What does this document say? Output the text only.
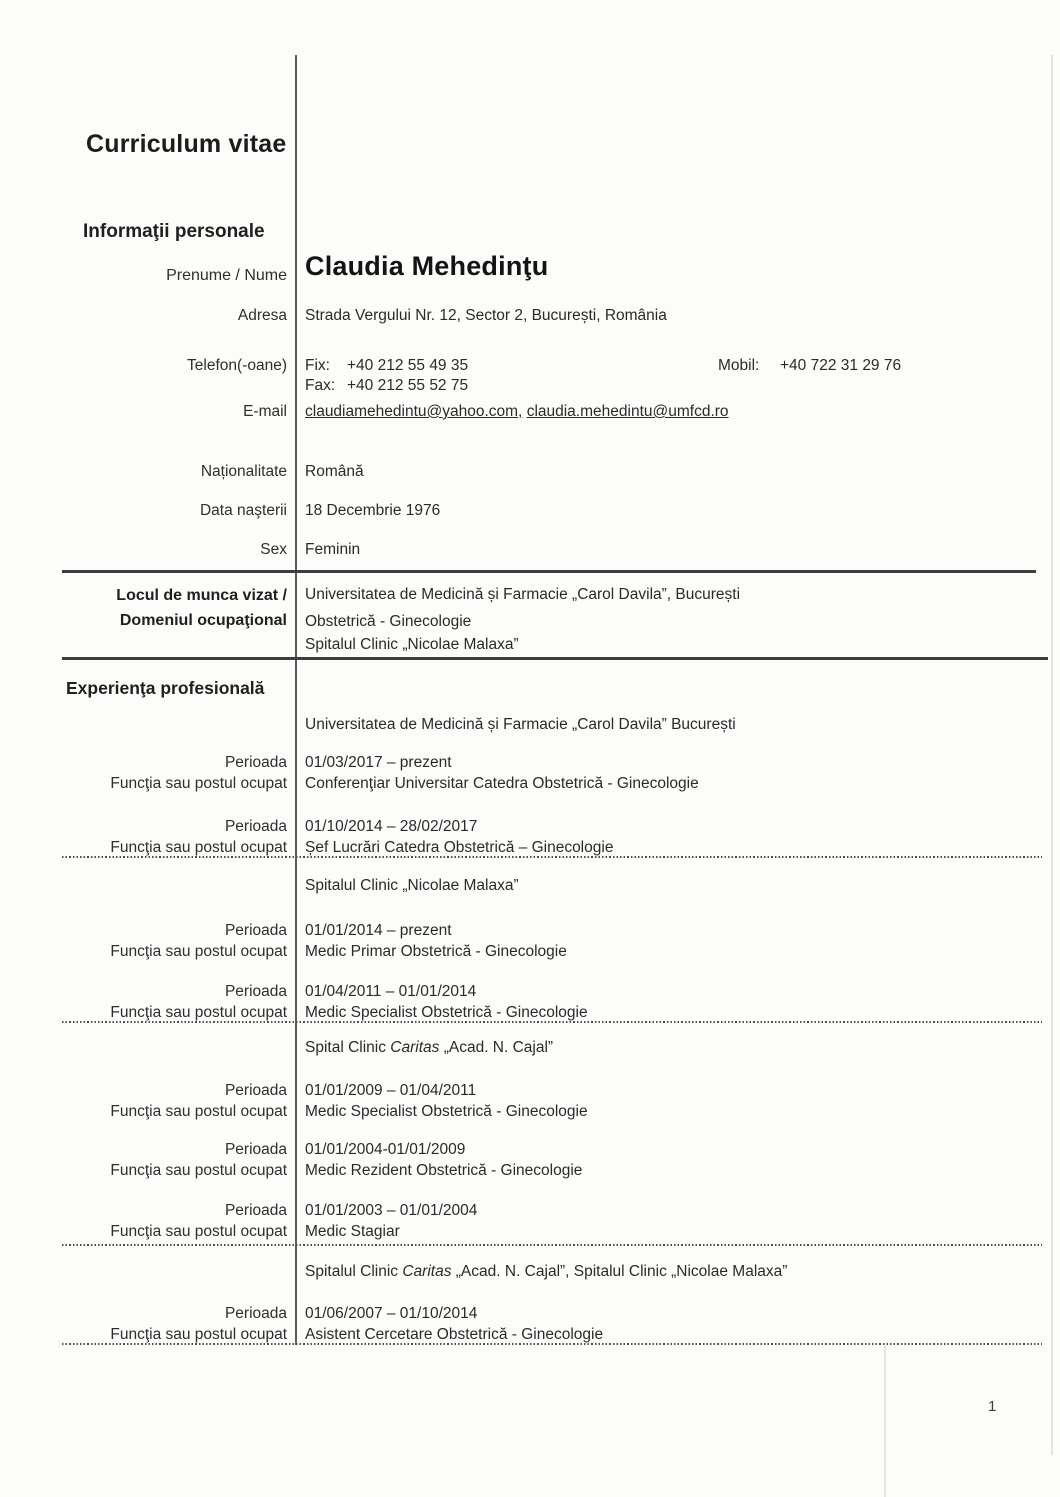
Curriculum vitae
Informaţii personale
Prenume / Nume Claudia Mehedinţu
Adresa Strada Vergului Nr. 12, Sector 2, București, România
Telefon(-oane) Fix: +40 212 55 49 35
Fax: +40 212 55 52 75
Mobil: +40 722 31 29 76
E-mail claudiamehedintu@yahoo.com, claudia.mehedintu@umfcd.ro
Naționalitate Română
Data naşterii 18 Decembrie 1976
Sex Feminin
Locul de munca vizat /
Domeniul ocupaţional
Universitatea de Medicină și Farmacie „Carol Davila”, București
Obstetrică - Ginecologie
Spitalul Clinic „Nicolae Malaxa”
Experienţa profesională
Universitatea de Medicină și Farmacie „Carol Davila” București
Perioada
Funcţia sau postul ocupat
01/03/2017 – prezent
Conferenţiar Universitar Catedra Obstetrică - Ginecologie
Perioada
Funcţia sau postul ocupat
01/10/2014 – 28/02/2017
Șef Lucrări Catedra Obstetrică – Ginecologie
Spitalul Clinic „Nicolae Malaxa”
Perioada
Funcţia sau postul ocupat
01/01/2014 – prezent
Medic Primar Obstetrică - Ginecologie
Perioada
Funcţia sau postul ocupat
01/04/2011 – 01/01/2014
Medic Specialist Obstetrică - Ginecologie
Spital Clinic Caritas „Acad. N. Cajal”
Perioada
Funcţia sau postul ocupat
01/01/2009 – 01/04/2011
Medic Specialist Obstetrică - Ginecologie
Perioada
Funcţia sau postul ocupat
01/01/2004-01/01/2009
Medic Rezident Obstetrică - Ginecologie
Perioada
Funcţia sau postul ocupat
01/01/2003 – 01/01/2004
Medic Stagiar
Spitalul Clinic Caritas „Acad. N. Cajal”, Spitalul Clinic „Nicolae Malaxa”
Perioada
Funcţia sau postul ocupat
01/06/2007 – 01/10/2014
Asistent Cercetare Obstetrică - Ginecologie
1
